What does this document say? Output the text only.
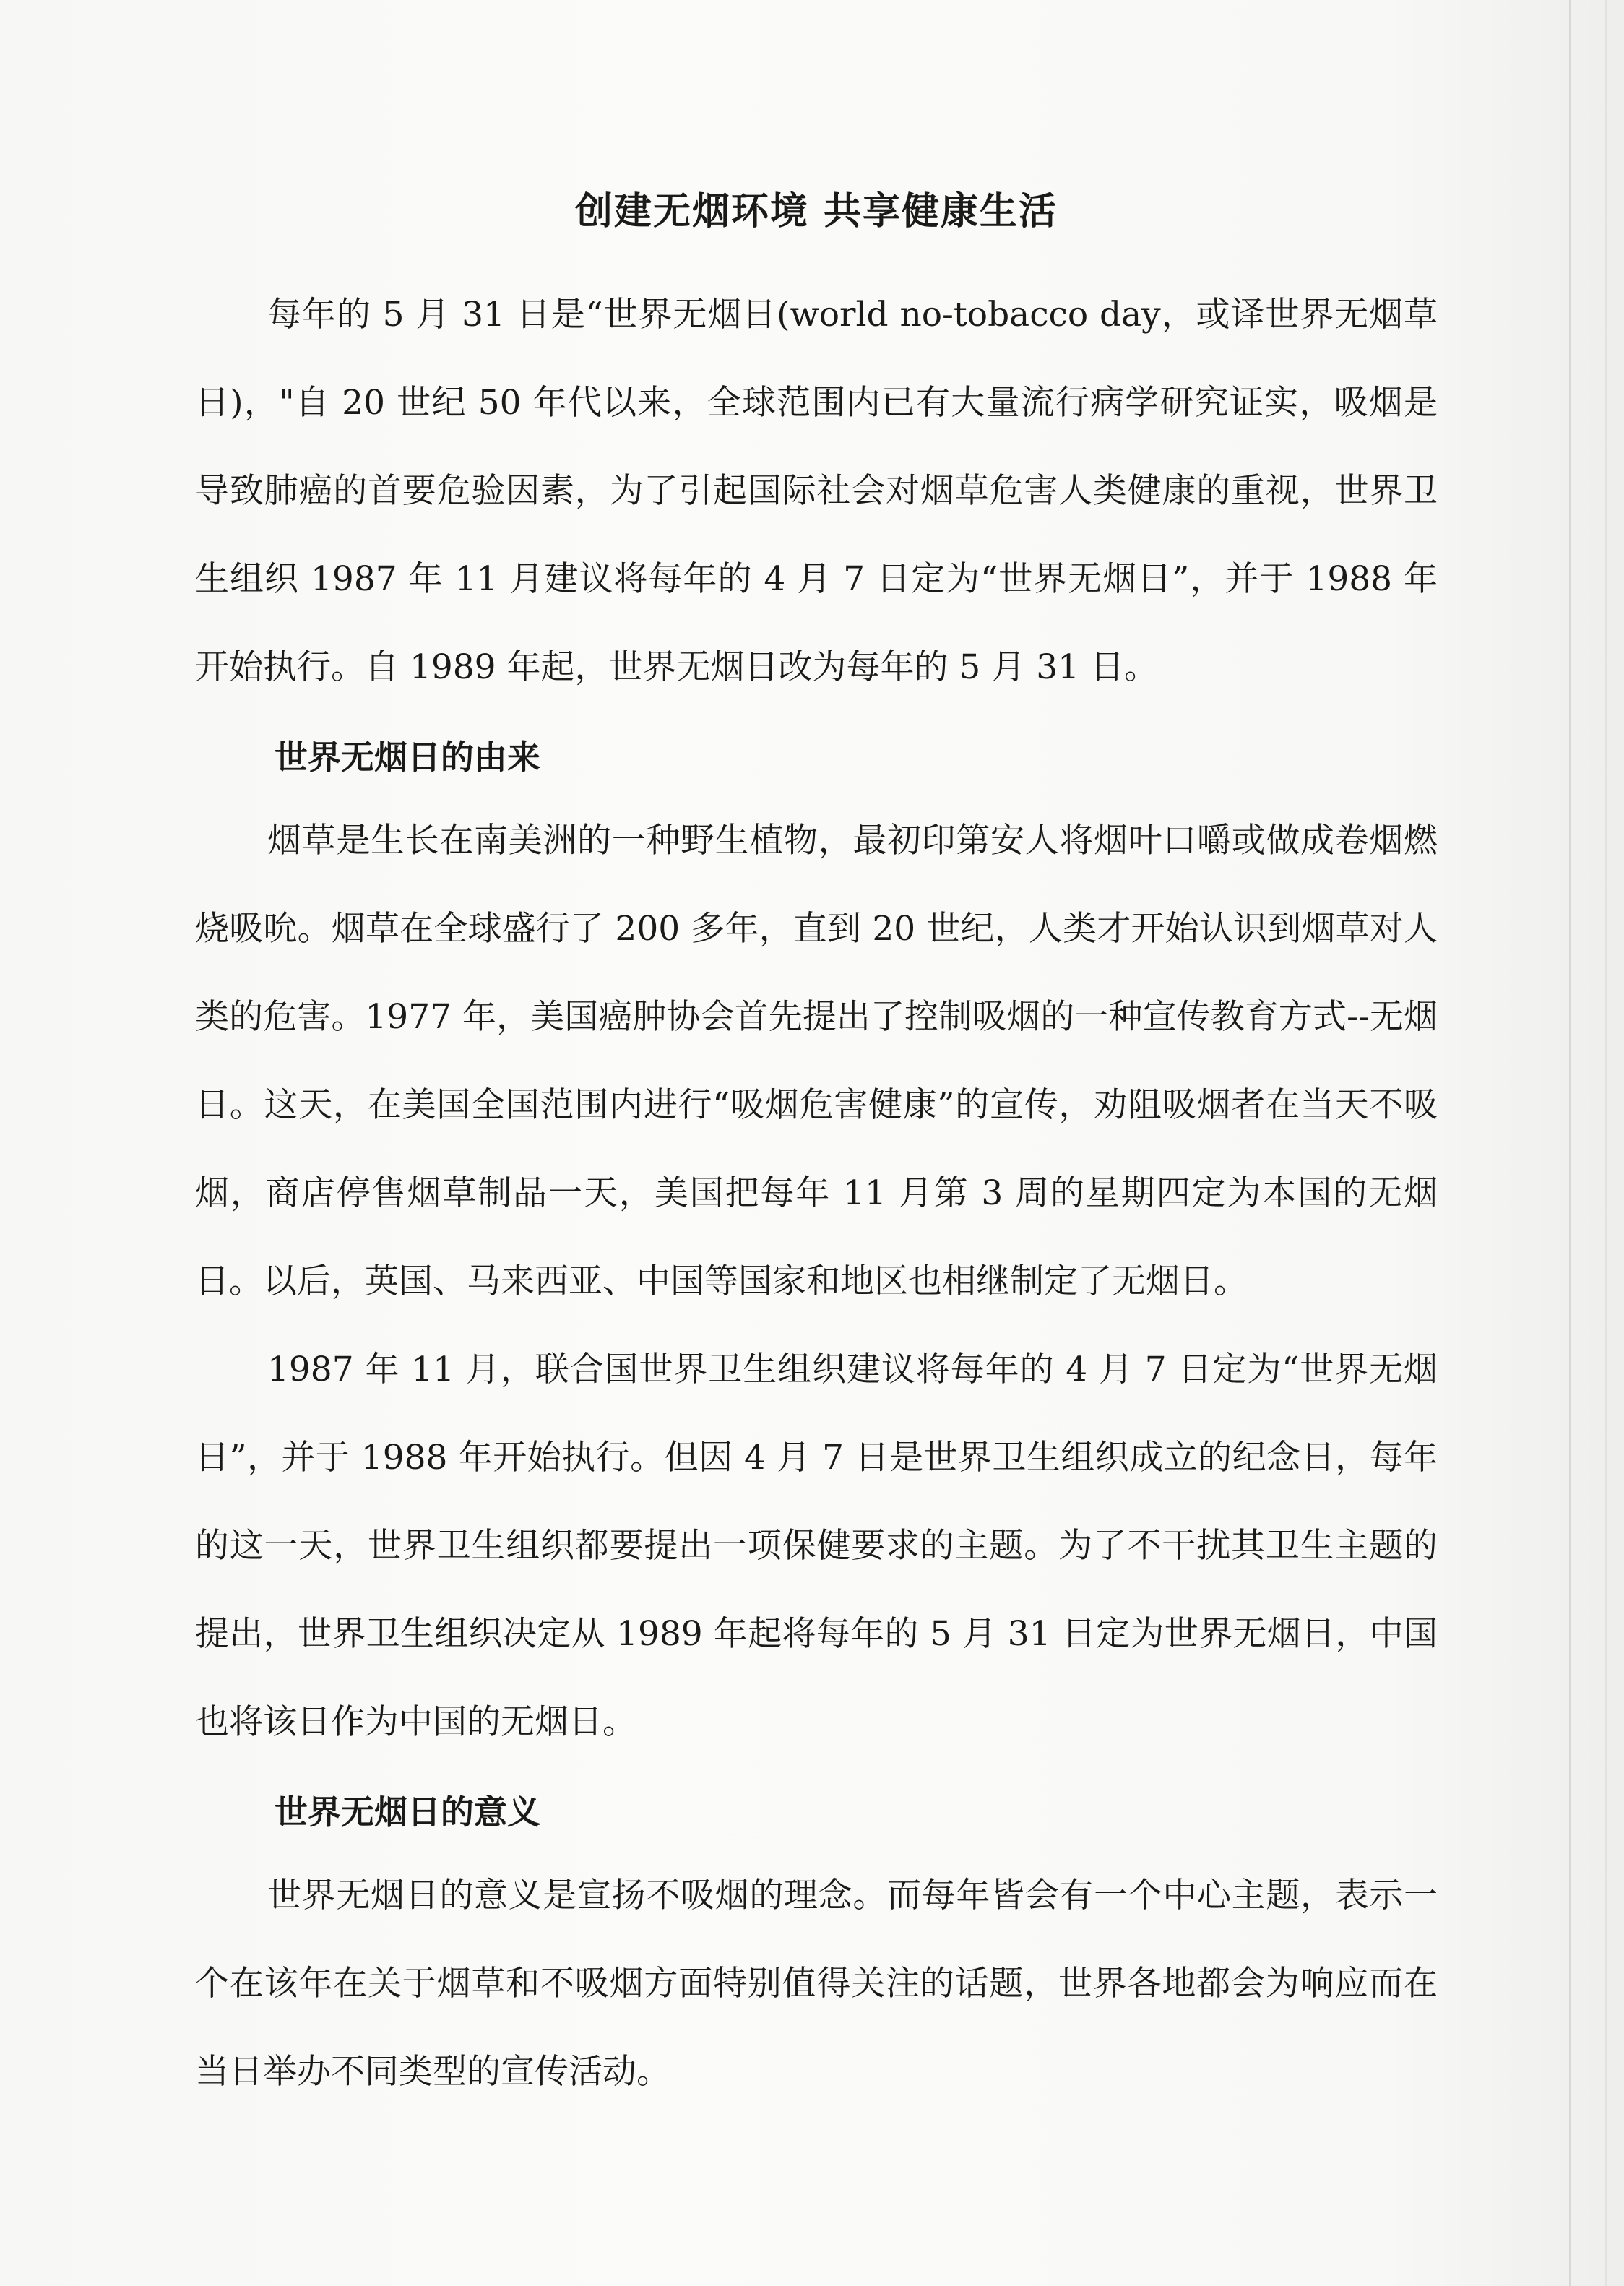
创建无烟环境 共享健康生活

每年的 5 月 31 日是“世界无烟日(world no-tobacco day，或译世界无烟草日)，"自 20 世纪 50 年代以来，全球范围内已有大量流行病学研究证实，吸烟是导致肺癌的首要危验因素，为了引起国际社会对烟草危害人类健康的重视，世界卫生组织 1987 年 11 月建议将每年的 4 月 7 日定为“世界无烟日”，并于 1988 年开始执行。自 1989 年起，世界无烟日改为每年的 5 月 31 日。

世界无烟日的由来

烟草是生长在南美洲的一种野生植物，最初印第安人将烟叶口嚼或做成卷烟燃烧吸吮。烟草在全球盛行了 200 多年，直到 20 世纪，人类才开始认识到烟草对人类的危害。1977 年，美国癌肿协会首先提出了控制吸烟的一种宣传教育方式--无烟日。这天，在美国全国范围内进行“吸烟危害健康”的宣传，劝阻吸烟者在当天不吸烟，商店停售烟草制品一天，美国把每年 11 月第 3 周的星期四定为本国的无烟日。以后，英国、马来西亚、中国等国家和地区也相继制定了无烟日。

1987 年 11 月，联合国世界卫生组织建议将每年的 4 月 7 日定为“世界无烟日”，并于 1988 年开始执行。但因 4 月 7 日是世界卫生组织成立的纪念日，每年的这一天，世界卫生组织都要提出一项保健要求的主题。为了不干扰其卫生主题的提出，世界卫生组织决定从 1989 年起将每年的 5 月 31 日定为世界无烟日，中国也将该日作为中国的无烟日。

世界无烟日的意义

世界无烟日的意义是宣扬不吸烟的理念。而每年皆会有一个中心主题，表示一个在该年在关于烟草和不吸烟方面特别值得关注的话题，世界各地都会为响应而在当日举办不同类型的宣传活动。
